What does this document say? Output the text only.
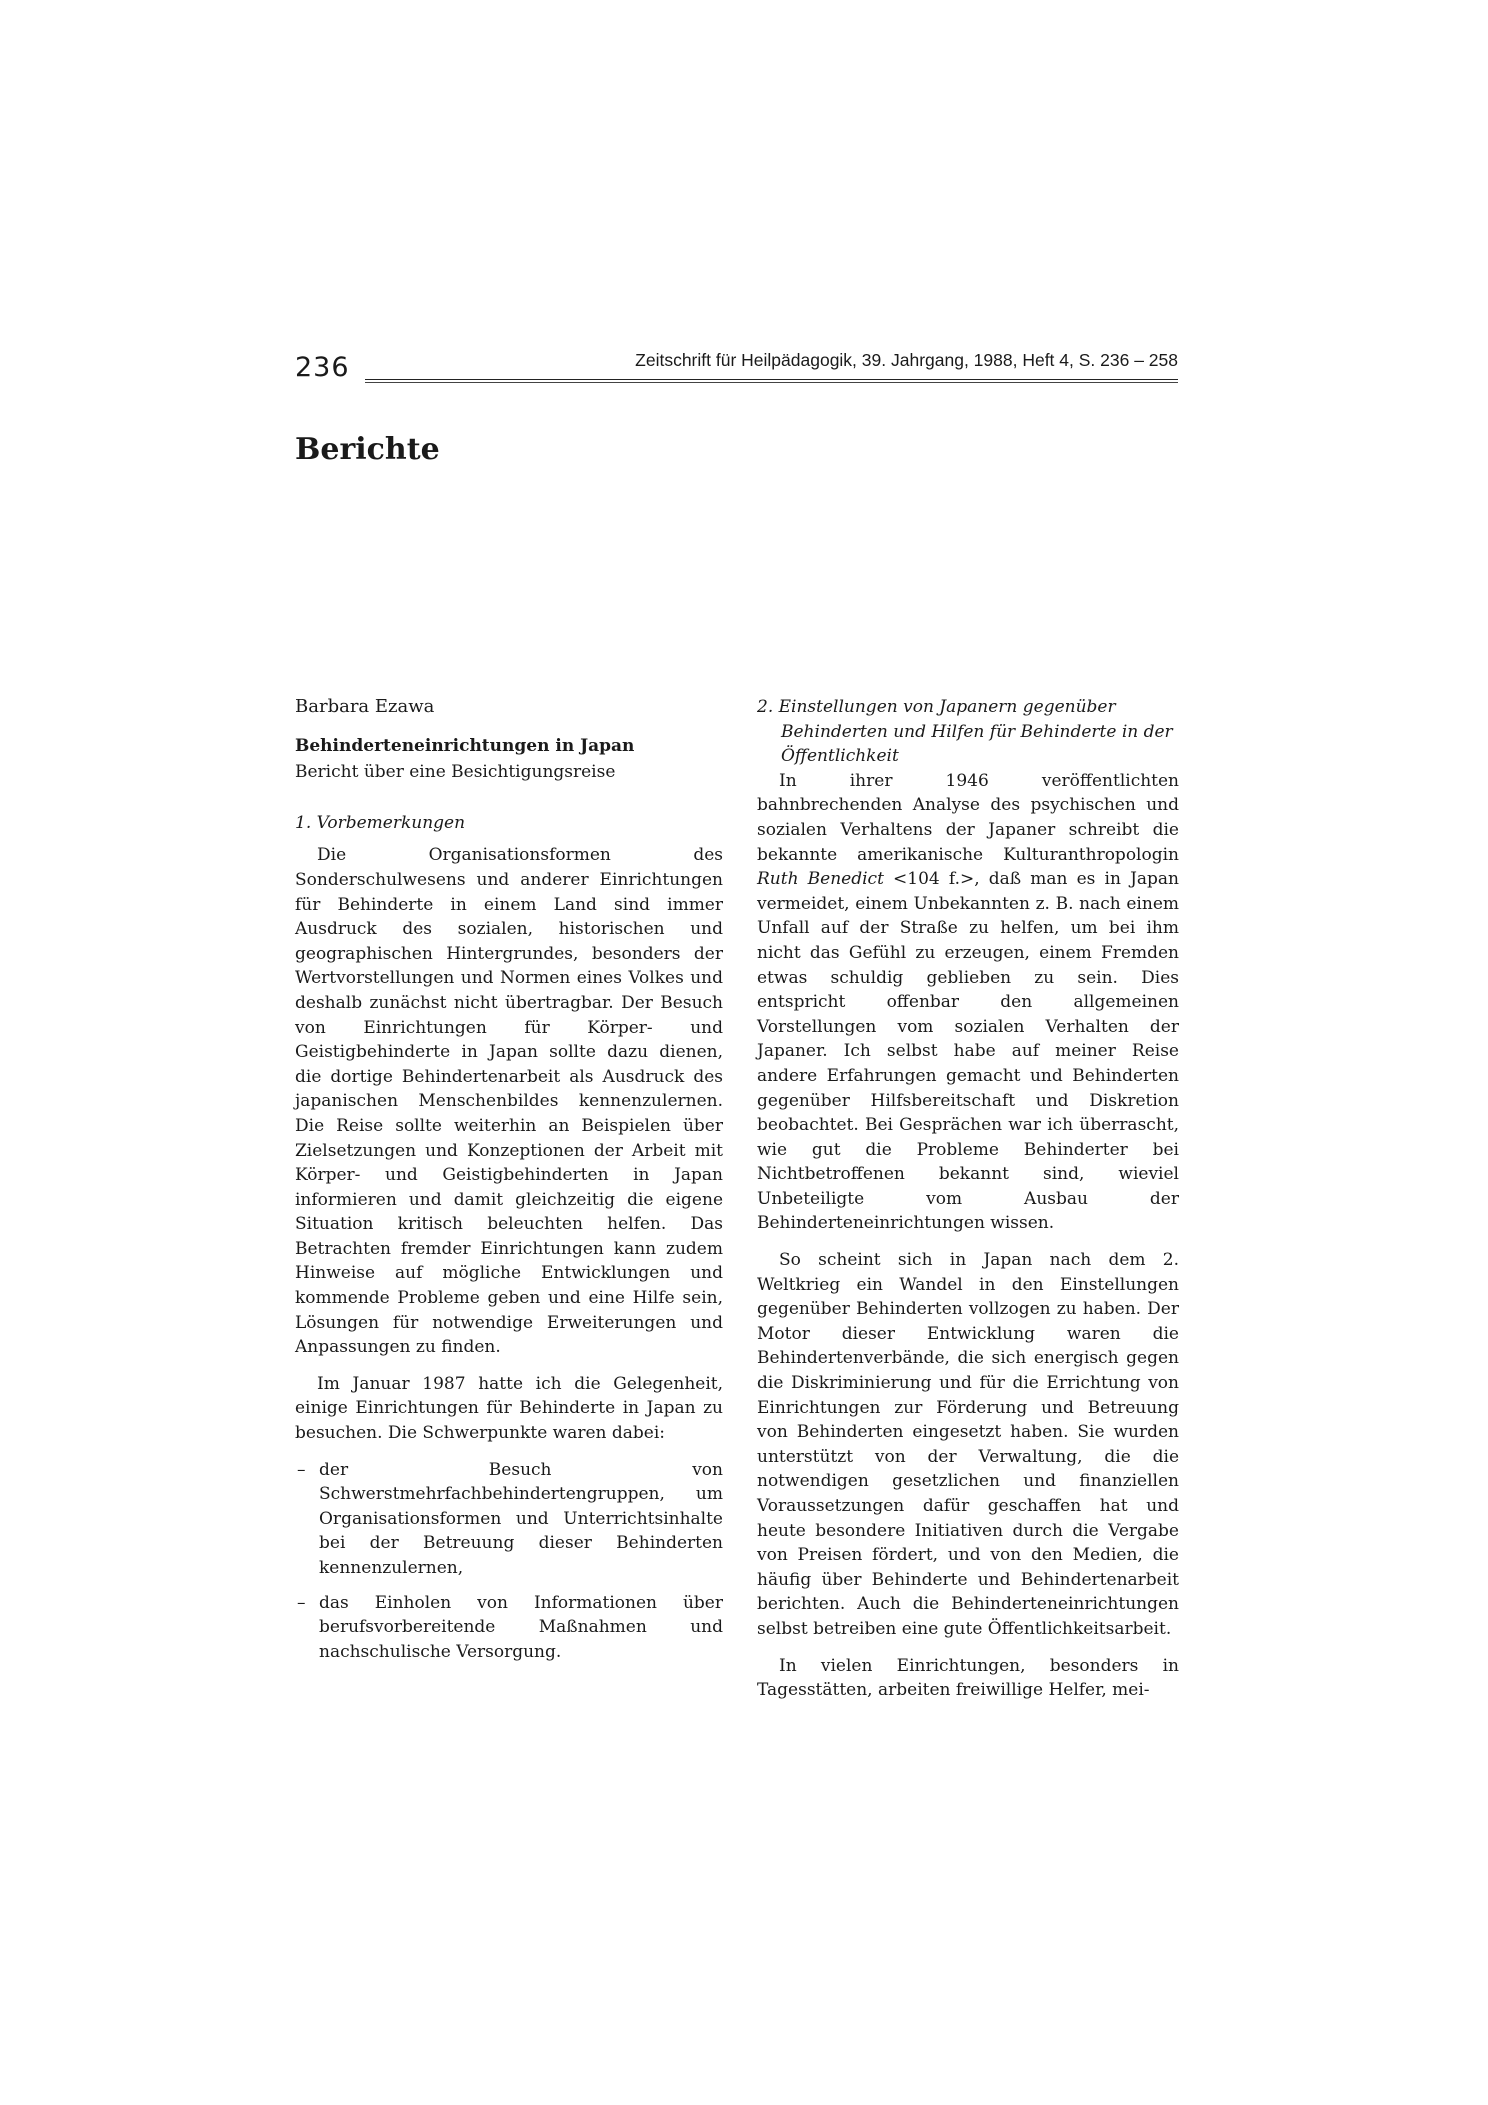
236	Zeitschrift für Heilpädagogik, 39. Jahrgang, 1988, Heft 4, S. 236 – 258
Berichte
Barbara Ezawa
Behinderteneinrichtungen in Japan
Bericht über eine Besichtigungsreise
1. Vorbemerkungen

Die Organisationsformen des Sonderschulwesens und anderer Einrichtungen für Behinderte in einem Land sind immer Ausdruck des sozialen, historischen und geographischen Hintergrundes, besonders der Wertvorstellungen und Normen eines Volkes und deshalb zunächst nicht übertragbar. Der Besuch von Einrichtungen für Körper- und Geistigbehinderte in Japan sollte dazu dienen, die dortige Behindertenarbeit als Ausdruck des japanischen Menschenbildes kennenzulernen. Die Reise sollte weiterhin an Beispielen über Zielsetzungen und Konzeptionen der Arbeit mit Körper- und Geistigbehinderten in Japan informieren und damit gleichzeitig die eigene Situation kritisch beleuchten helfen. Das Betrachten fremder Einrichtungen kann zudem Hinweise auf mögliche Entwicklungen und kommende Probleme geben und eine Hilfe sein, Lösungen für notwendige Erweiterungen und Anpassungen zu finden.

Im Januar 1987 hatte ich die Gelegenheit, einige Einrichtungen für Behinderte in Japan zu besuchen. Die Schwerpunkte waren dabei:

– der Besuch von Schwerstmehrfachbehindertengruppen, um Organisationsformen und Unterrichtsinhalte bei der Betreuung dieser Behinderten kennenzulernen,
– das Einholen von Informationen über berufsvorbereitende Maßnahmen und nachschulische Versorgung.
2. Einstellungen von Japanern gegenüber Behinderten und Hilfen für Behinderte in der Öffentlichkeit

In ihrer 1946 veröffentlichten bahnbrechenden Analyse des psychischen und sozialen Verhaltens der Japaner schreibt die bekannte amerikanische Kulturanthropologin Ruth Benedict <104 f.>, daß man es in Japan vermeidet, einem Unbekannten z. B. nach einem Unfall auf der Straße zu helfen, um bei ihm nicht das Gefühl zu erzeugen, einem Fremden etwas schuldig geblieben zu sein. Dies entspricht offenbar den allgemeinen Vorstellungen vom sozialen Verhalten der Japaner. Ich selbst habe auf meiner Reise andere Erfahrungen gemacht und Behinderten gegenüber Hilfsbereitschaft und Diskretion beobachtet. Bei Gesprächen war ich überrascht, wie gut die Probleme Behinderter bei Nichtbetroffenen bekannt sind, wieviel Unbeteiligte vom Ausbau der Behinderteneinrichtungen wissen.

So scheint sich in Japan nach dem 2. Weltkrieg ein Wandel in den Einstellungen gegenüber Behinderten vollzogen zu haben. Der Motor dieser Entwicklung waren die Behindertenverbände, die sich energisch gegen die Diskriminierung und für die Errichtung von Einrichtungen zur Förderung und Betreuung von Behinderten eingesetzt haben. Sie wurden unterstützt von der Verwaltung, die die notwendigen gesetzlichen und finanziellen Voraussetzungen dafür geschaffen hat und heute besondere Initiativen durch die Vergabe von Preisen fördert, und von den Medien, die häufig über Behinderte und Behindertenarbeit berichten. Auch die Behinderteneinrichtungen selbst betreiben eine gute Öffentlichkeitsarbeit.

In vielen Einrichtungen, besonders in Tagesstätten, arbeiten freiwillige Helfer, mei-
